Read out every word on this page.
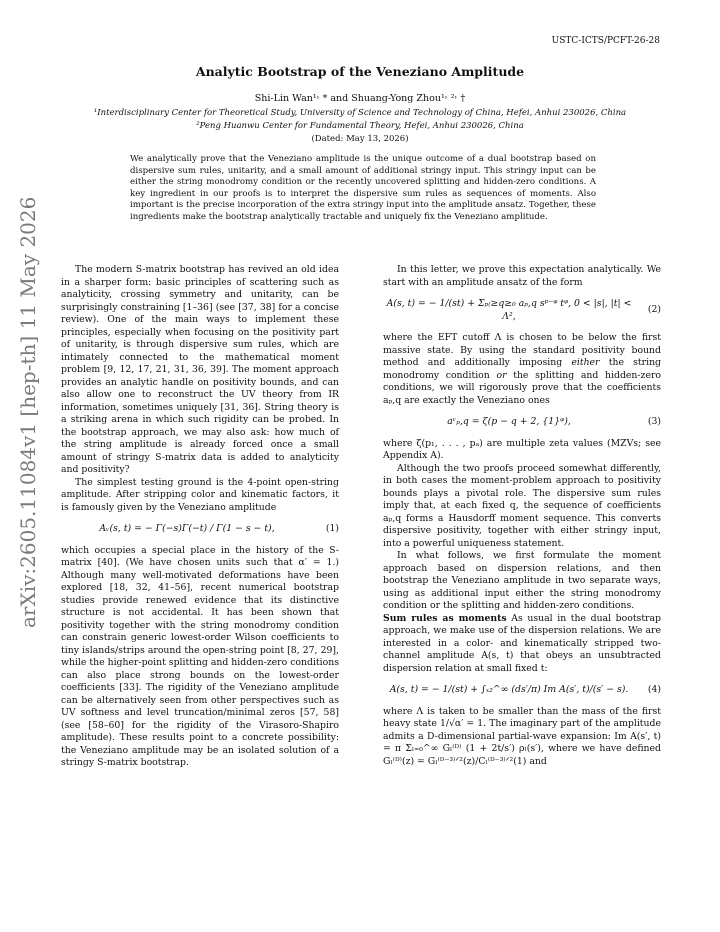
USTC-ICTS/PCFT-26-28
arXiv:2605.11084v1 [hep-th] 11 May 2026
Analytic Bootstrap of the Veneziano Amplitude
Shi-Lin Wan¹˒ * and Shuang-Yong Zhou¹˒ ²˒ †
¹Interdisciplinary Center for Theoretical Study, University of Science and Technology of China, Hefei, Anhui 230026, China
²Peng Huanwu Center for Fundamental Theory, Hefei, Anhui 230026, China
(Dated: May 13, 2026)
We analytically prove that the Veneziano amplitude is the unique outcome of a dual bootstrap based on dispersive sum rules, unitarity, and a small amount of additional stringy input. This stringy input can be either the string monodromy condition or the recently uncovered splitting and hidden-zero conditions. A key ingredient in our proofs is to interpret the dispersive sum rules as sequences of moments. Also important is the precise incorporation of the extra stringy input into the amplitude ansatz. Together, these ingredients make the bootstrap analytically tractable and uniquely fix the Veneziano amplitude.

The modern S-matrix bootstrap has revived an old idea in a sharper form: basic principles of scattering such as analyticity, crossing symmetry and unitarity, can be surprisingly constraining [1–36] (see [37, 38] for a concise review). One of the main ways to implement these principles, especially when focusing on the positivity part of unitarity, is through dispersive sum rules, which are intimately connected to the mathematical moment problem [9, 12, 17, 21, 31, 36, 39]. The moment approach provides an analytic handle on positivity bounds, and can also allow one to reconstruct the UV theory from IR information, sometimes uniquely [31, 36]. String theory is a striking arena in which such rigidity can be probed. In the bootstrap approach, we may also ask: how much of the string amplitude is already forced once a small amount of stringy S-matrix data is added to analyticity and positivity?

The simplest testing ground is the 4-point open-string amplitude. After stripping color and kinematic factors, it is famously given by the Veneziano amplitude

Aᵥ(s, t) = − Γ(−s)Γ(−t) / Γ(1 − s − t),	(1)

which occupies a special place in the history of the S-matrix [40]. (We have chosen units such that α′ = 1.) Although many well-motivated deformations have been explored [18, 32, 41–56], recent numerical bootstrap studies provide renewed evidence that its distinctive structure is not accidental. It has been shown that positivity together with the string monodromy condition can constrain generic lowest-order Wilson coefficients to tiny islands/strips around the open-string point [8, 27, 29], while the higher-point splitting and hidden-zero conditions can also place strong bounds on the lowest-order coefficients [33]. The rigidity of the Veneziano amplitude can be alternatively seen from other perspectives such as UV softness and level truncation/minimal zeros [57, 58] (see [58–60] for the rigidity of the Virasoro-Shapiro amplitude). These results point to a concrete possibility: the Veneziano amplitude may be an isolated solution of a stringy S-matrix bootstrap.

In this letter, we prove this expectation analytically. We start with an amplitude ansatz of the form

A(s, t) = − 1/(st) + Σₚ₍≥q≥₀ aₚ,q sᵖ⁻ᵠ tᵠ, 0 < |s|, |t| < Λ²,
(2)

where the EFT cutoff Λ is chosen to be below the first massive state. By using the standard positivity bound method and additionally imposing either the string monodromy condition or the splitting and hidden-zero conditions, we will rigorously prove that the coefficients aₚ,q are exactly the Veneziano ones

aᵛₚ,q = ζ(p − q + 2, {1}ᵠ),	(3)

where ζ(p₁, . . . , pₐ) are multiple zeta values (MZVs; see Appendix A).

Although the two proofs proceed somewhat differently, in both cases the moment-problem approach to positivity bounds plays a pivotal role. The dispersive sum rules imply that, at each fixed q, the sequence of coefficients aₚ,q forms a Hausdorff moment sequence. This converts dispersive positivity, together with either stringy input, into a powerful uniqueness statement.

In what follows, we first formulate the moment approach based on dispersion relations, and then bootstrap the Veneziano amplitude in two separate ways, using as additional input either the string monodromy condition or the splitting and hidden-zero conditions.

Sum rules as moments As usual in the dual bootstrap approach, we make use of the dispersion relations. We are interested in a color- and kinematically stripped two-channel amplitude A(s, t) that obeys an unsubtracted dispersion relation at small fixed t:

A(s, t) = − 1/(st) + ∫ₓ₂^∞ (ds′/π) Im A(s′, t)/(s′ − s).	(4)

where Λ is taken to be smaller than the mass of the first heavy state 1/√α′ = 1. The imaginary part of the amplitude admits a D-dimensional partial-wave expansion: Im A(s′, t) = π Σₗ₌₀^∞ Gₗ⁽ᴰ⁾ (1 + 2t/s′) ρₗ(s′), where we have defined Gₗ⁽ᴰ⁾(z) = Gₗ⁽ᴰ⁻³⁾ᐟ²(z)/Cₗ⁽ᴰ⁻³⁾ᐟ²(1) and
